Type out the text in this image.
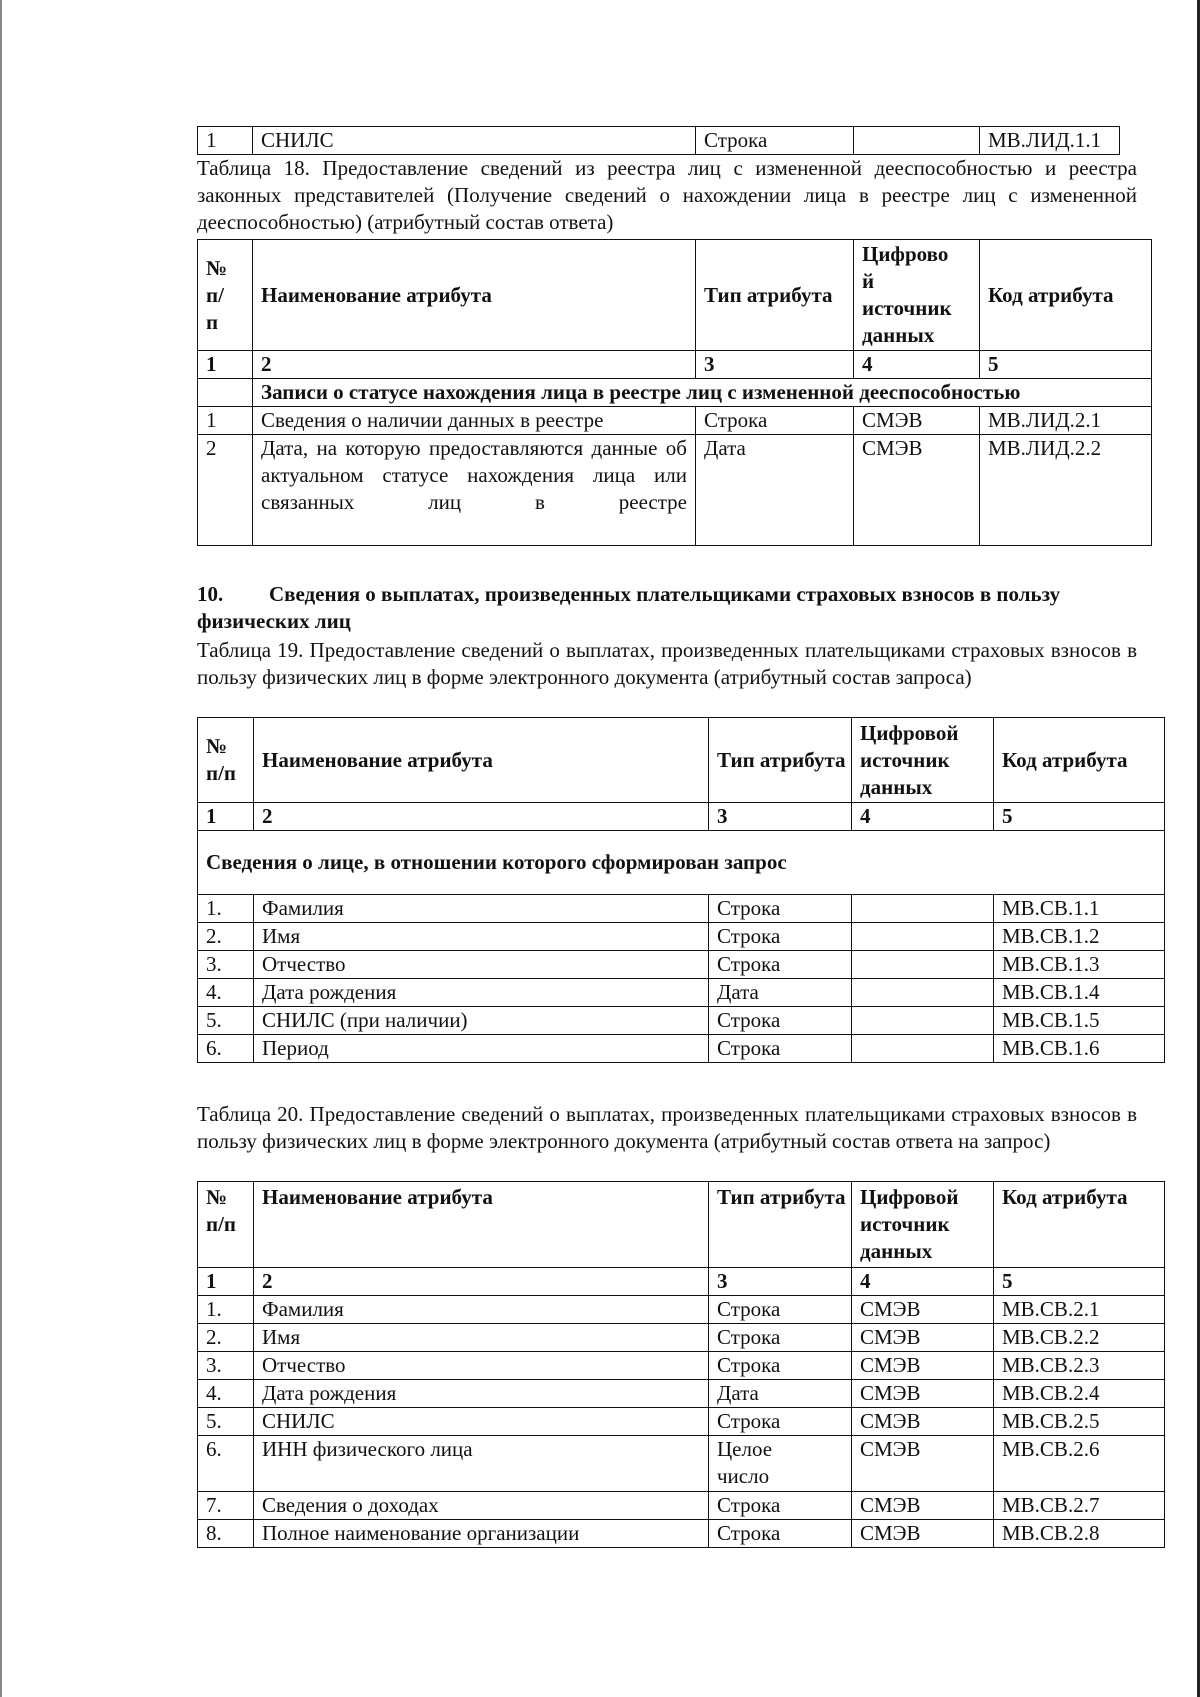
1	СНИЛС	Строка		МВ.ЛИД.1.1

Таблица 18. Предоставление сведений из реестра лиц с измененной дееспособностью и реестра законных представителей (Получение сведений о нахождении лица в реестре лиц с измененной дееспособностью) (атрибутный состав ответа)

№ п/ п	Наименование атрибута	Тип атрибута	Цифрово й источник данных	Код атрибута
1	2	3	4	5
	Записи о статусе нахождения лица в реестре лиц с измененной дееспособностью			
1	Сведения о наличии данных в реестре	Строка	СМЭВ	МВ.ЛИД.2.1
2	Дата, на которую предоставляются данные об актуальном статусе нахождения лица или связанных лиц в реестре	Дата	СМЭВ	МВ.ЛИД.2.2

10. Сведения о выплатах, произведенных плательщиками страховых взносов в пользу физических лиц

Таблица 19. Предоставление сведений о выплатах, произведенных плательщиками страховых взносов в пользу физических лиц в форме электронного документа (атрибутный состав запроса)

№ п/п	Наименование атрибута	Тип атрибута	Цифровой источник данных	Код атрибута
1	2	3	4	5
Сведения о лице, в отношении которого сформирован запрос				
1.	Фамилия	Строка		МВ.СВ.1.1
2.	Имя	Строка		МВ.СВ.1.2
3.	Отчество	Строка		МВ.СВ.1.3
4.	Дата рождения	Дата		МВ.СВ.1.4
5.	СНИЛС (при наличии)	Строка		МВ.СВ.1.5
6.	Период	Строка		МВ.СВ.1.6

Таблица 20. Предоставление сведений о выплатах, произведенных плательщиками страховых взносов в пользу физических лиц в форме электронного документа (атрибутный состав ответа на запрос)

№ п/п	Наименование атрибута	Тип атрибута	Цифровой источник данных	Код атрибута
1	2	3	4	5
1.	Фамилия	Строка	СМЭВ	МВ.СВ.2.1
2.	Имя	Строка	СМЭВ	МВ.СВ.2.2
3.	Отчество	Строка	СМЭВ	МВ.СВ.2.3
4.	Дата рождения	Дата	СМЭВ	МВ.СВ.2.4
5.	СНИЛС	Строка	СМЭВ	МВ.СВ.2.5
6.	ИНН физического лица	Целое число	СМЭВ	МВ.СВ.2.6
7.	Сведения о доходах	Строка	СМЭВ	МВ.СВ.2.7
8.	Полное наименование организации	Строка	СМЭВ	МВ.СВ.2.8
